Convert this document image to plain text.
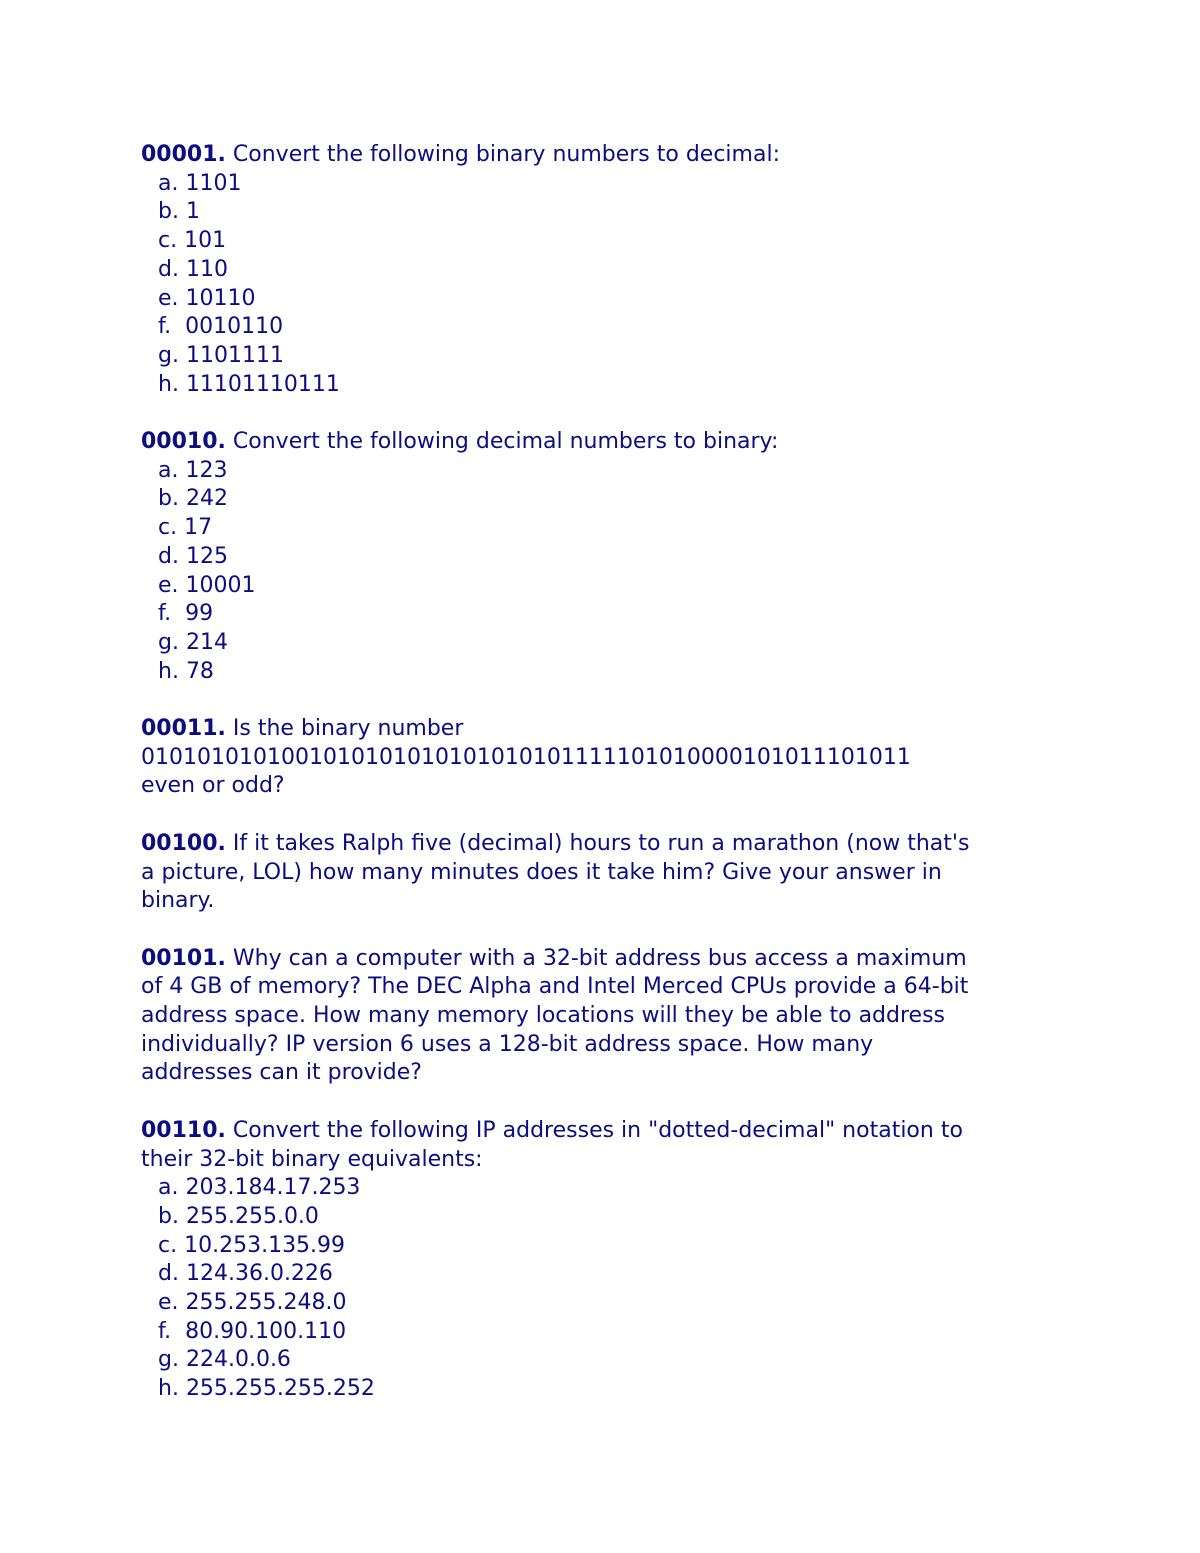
00001. Convert the following binary numbers to decimal:
a. 1101
b. 1
c. 101
d. 110
e. 10110
f.  0010110
g. 1101111
h. 11101110111
00010. Convert the following decimal numbers to binary:
a. 123
b. 242
c. 17
d. 125
e. 10001
f.  99
g. 214
h. 78
00011. Is the binary number
010101010100101010101010101010111110101000010101110101​1
even or odd?
00100. If it takes Ralph five (decimal) hours to run a marathon (now that's
a picture, LOL) how many minutes does it take him? Give your answer in
binary.
00101. Why can a computer with a 32-bit address bus access a maximum
of 4 GB of memory? The DEC Alpha and Intel Merced CPUs provide a 64-bit
address space. How many memory locations will they be able to address
individually? IP version 6 uses a 128-bit address space. How many
addresses can it provide?
00110. Convert the following IP addresses in "dotted-decimal" notation to
their 32-bit binary equivalents:
a. 203.184.17.253
b. 255.255.0.0
c. 10.253.135.99
d. 124.36.0.226
e. 255.255.248.0
f.  80.90.100.110
g. 224.0.0.6
h. 255.255.255.252
